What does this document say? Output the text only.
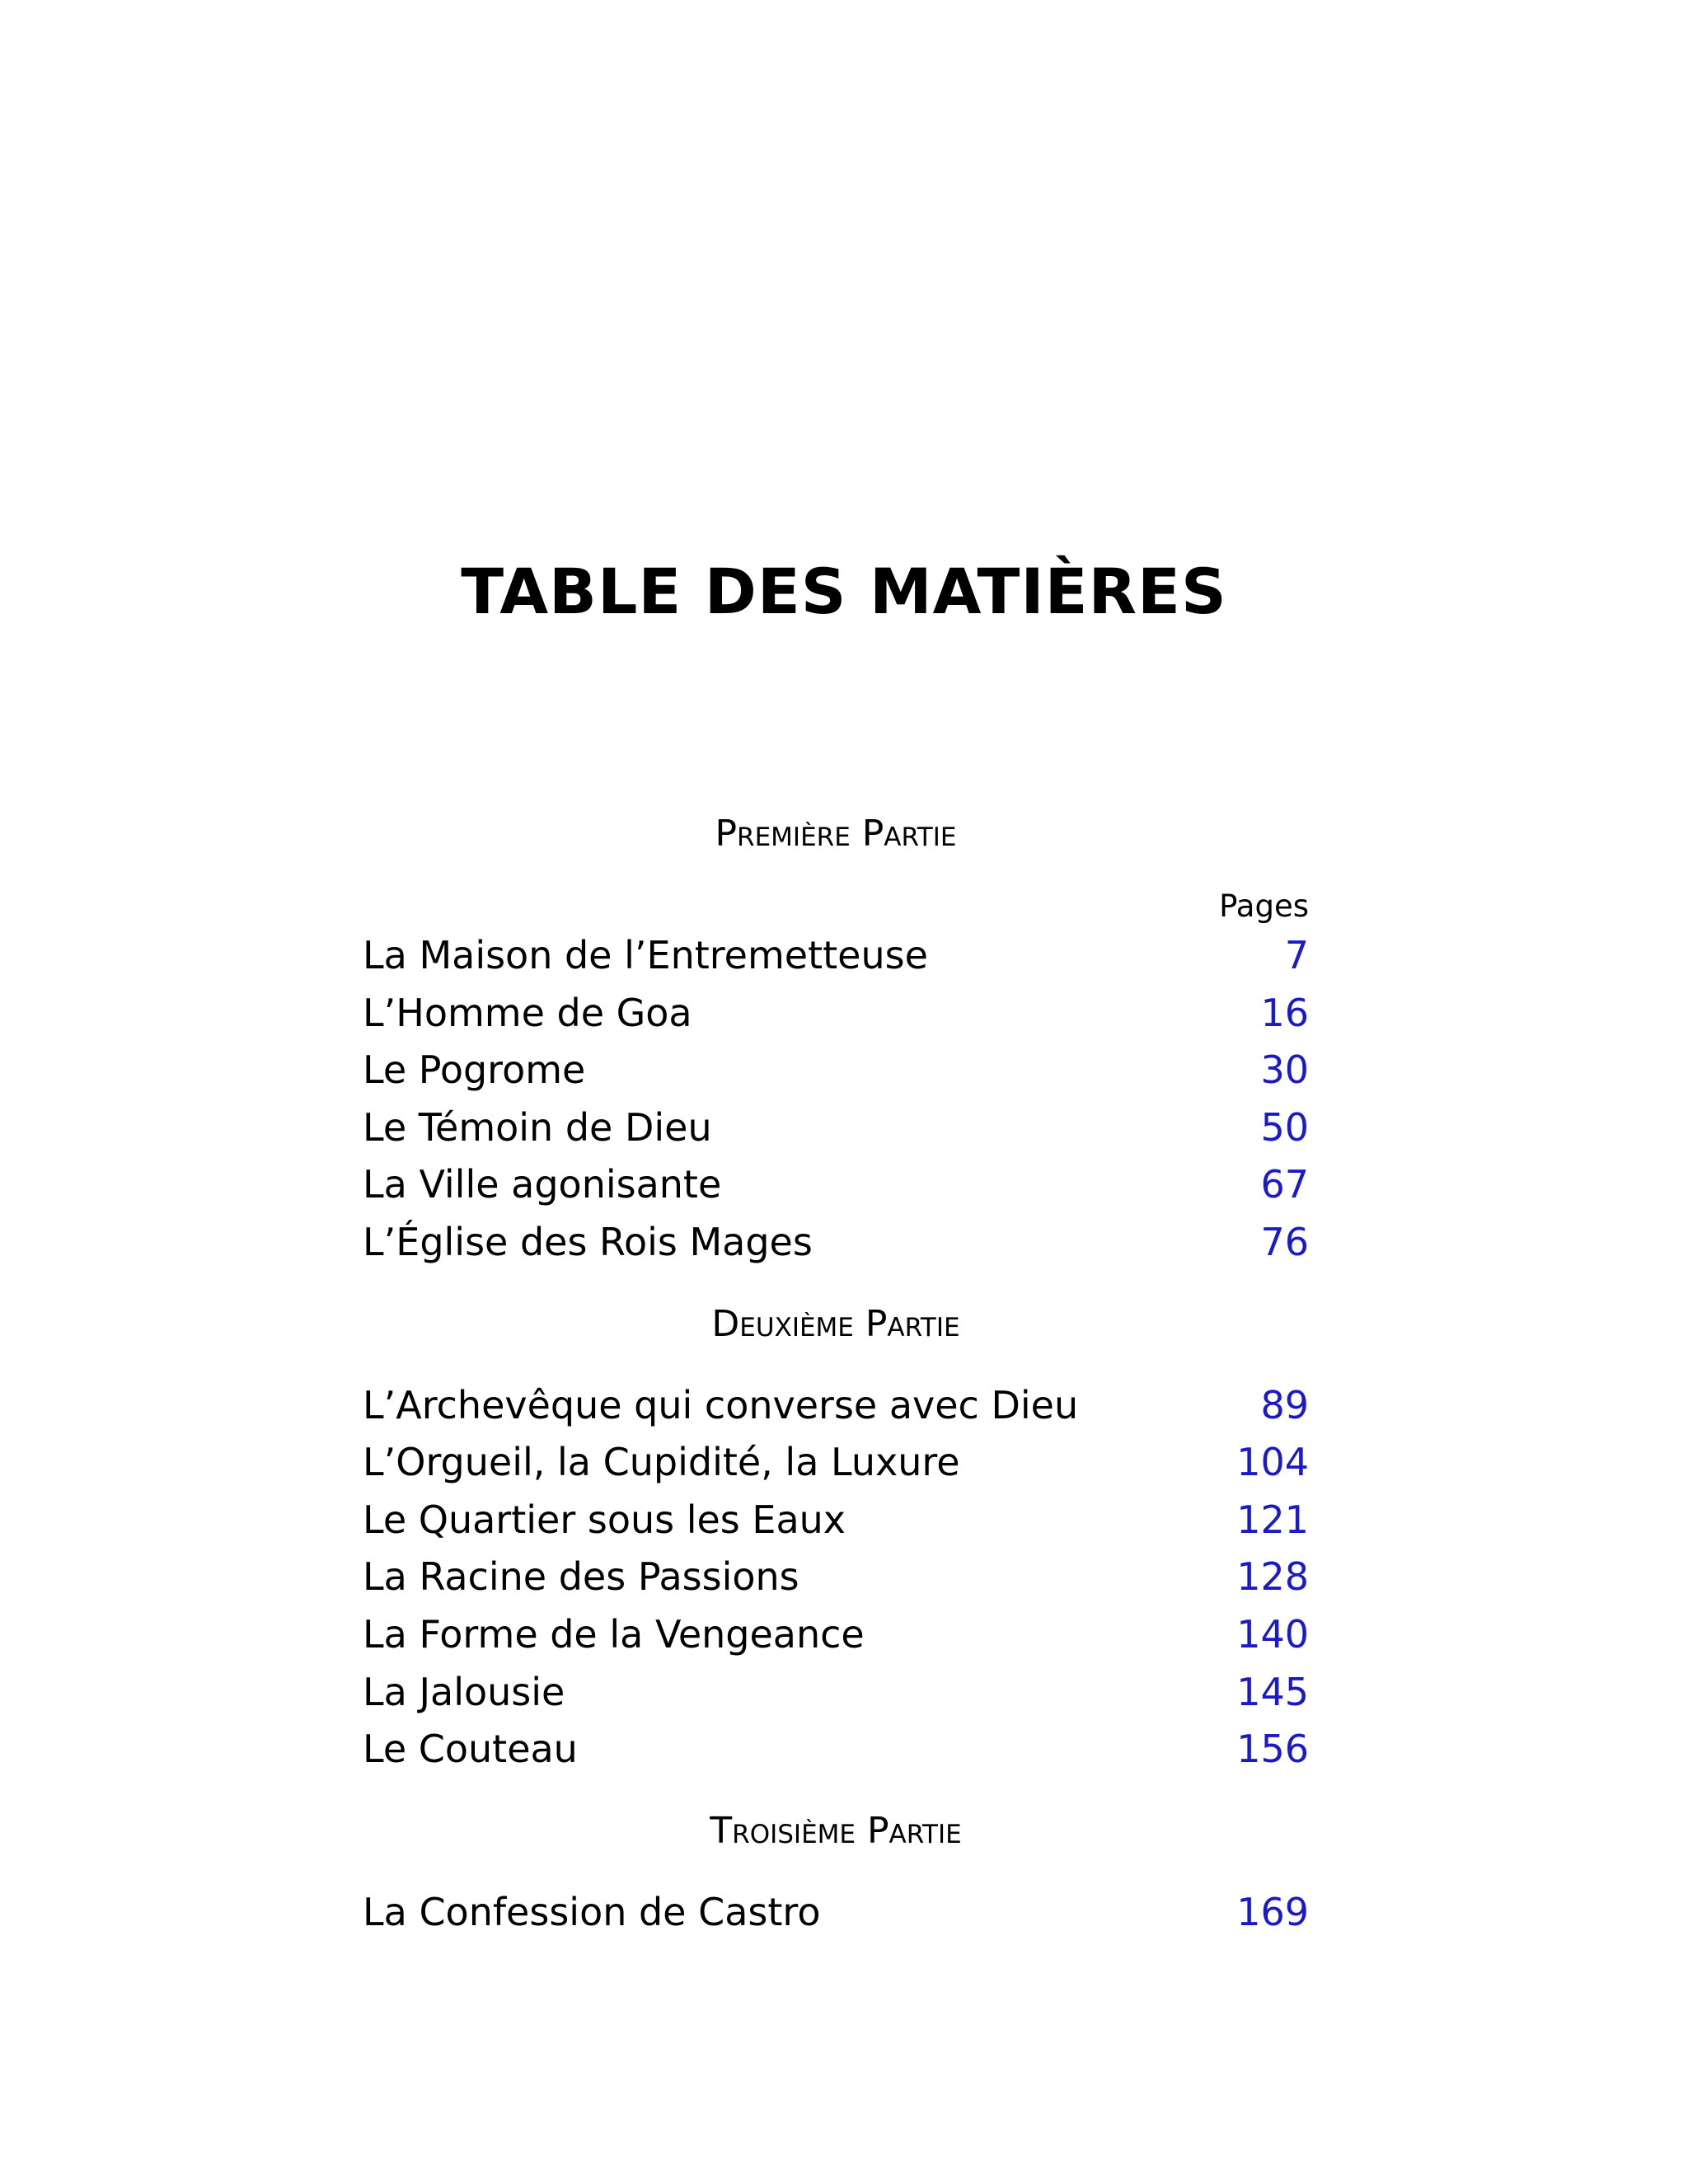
TABLE DES MATIÈRES
Première Partie
Pages
La Maison de l’Entremetteuse	7
L’Homme de Goa	16
Le Pogrome	30
Le Témoin de Dieu	50
La Ville agonisante	67
L’Église des Rois Mages	76
Deuxième Partie
L’Archevêque qui converse avec Dieu	89
L’Orgueil, la Cupidité, la Luxure	104
Le Quartier sous les Eaux	121
La Racine des Passions	128
La Forme de la Vengeance	140
La Jalousie	145
Le Couteau	156
Troisième Partie
La Confession de Castro	169
